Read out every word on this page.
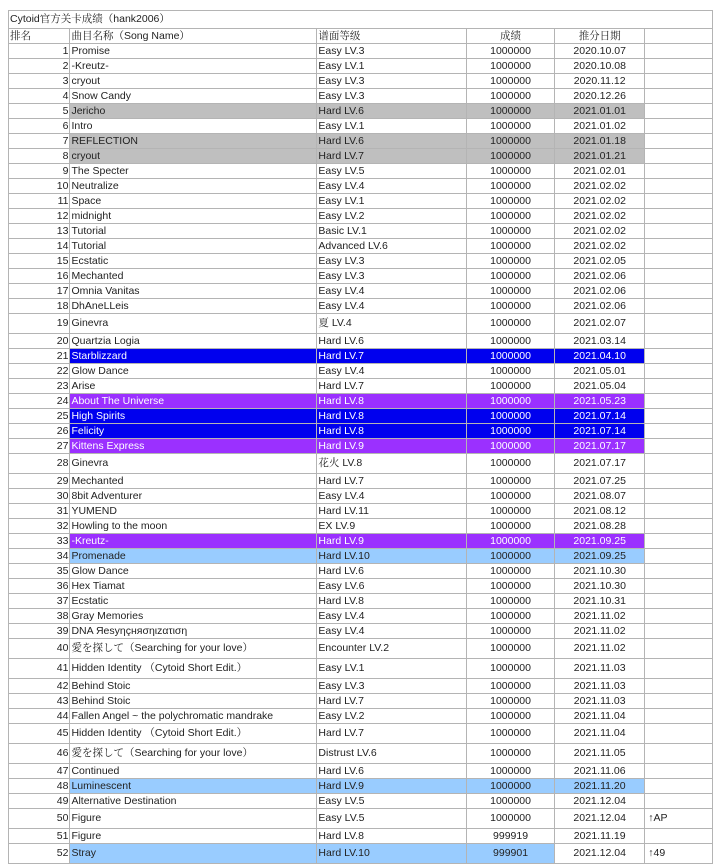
Cytoid官方关卡成绩（hank2006）					
排名	曲目名称（Song Name）	谱面等级	成绩	推分日期	
1	Promise	Easy LV.3	1000000	2020.10.07	
2	-Kreutz-	Easy LV.1	1000000	2020.10.08	
3	cryout	Easy LV.3	1000000	2020.11.12	
4	Snow Candy	Easy LV.3	1000000	2020.12.26	
5	Jericho	Hard LV.6	1000000	2021.01.01	
6	Intro	Easy LV.1	1000000	2021.01.02	
7	REFLECTION	Hard LV.6	1000000	2021.01.18	
8	cryout	Hard LV.7	1000000	2021.01.21	
9	The Specter	Easy LV.5	1000000	2021.02.01	
10	Neutralize	Easy LV.4	1000000	2021.02.02	
11	Space	Easy LV.1	1000000	2021.02.02	
12	midnight	Easy LV.2	1000000	2021.02.02	
13	Tutorial	Basic LV.1	1000000	2021.02.02	
14	Tutorial	Advanced LV.6	1000000	2021.02.02	
15	Ecstatic	Easy LV.3	1000000	2021.02.05	
16	Mechanted	Easy LV.3	1000000	2021.02.06	
17	Omnia Vanitas	Easy LV.4	1000000	2021.02.06	
18	DhAneLLeis	Easy LV.4	1000000	2021.02.06	
19	Ginevra	夏 LV.4	1000000	2021.02.07	
20	Quartzia Logia	Hard LV.6	1000000	2021.03.14	
21	Starblizzard	Hard LV.7	1000000	2021.04.10	
22	Glow Dance	Easy LV.4	1000000	2021.05.01	
23	Arise	Hard LV.7	1000000	2021.05.04	
24	About The Universe	Hard LV.8	1000000	2021.05.23	
25	High Spirits	Hard LV.8	1000000	2021.07.14	
26	Felicity	Hard LV.8	1000000	2021.07.14	
27	Kittens Express	Hard LV.9	1000000	2021.07.17	
28	Ginevra	花火 LV.8	1000000	2021.07.17	
29	Mechanted	Hard LV.7	1000000	2021.07.25	
30	8bit Adventurer	Easy LV.4	1000000	2021.08.07	
31	YUMEND	Hard LV.11	1000000	2021.08.12	
32	Howling to the moon	EX LV.9	1000000	2021.08.28	
33	-Kreutz-	Hard LV.9	1000000	2021.09.25	
34	Promenade	Hard LV.10	1000000	2021.09.25	
35	Glow Dance	Hard LV.6	1000000	2021.10.30	
36	Hex Tiamat	Easy LV.6	1000000	2021.10.30	
37	Ecstatic	Hard LV.8	1000000	2021.10.31	
38	Gray Memories	Easy LV.4	1000000	2021.11.02	
39	DNA Яesyηçняσηιzατιση	Easy LV.4	1000000	2021.11.02	
40	愛を探して（Searching for your love）	Encounter LV.2	1000000	2021.11.02	
41	Hidden Identity （Cytoid Short Edit.）	Easy LV.1	1000000	2021.11.03	
42	Behind Stoic	Easy LV.3	1000000	2021.11.03	
43	Behind Stoic	Hard LV.7	1000000	2021.11.03	
44	Fallen Angel ~ the polychromatic mandrake	Easy LV.2	1000000	2021.11.04	
45	Hidden Identity （Cytoid Short Edit.）	Hard LV.7	1000000	2021.11.04	
46	愛を探して（Searching for your love）	Distrust LV.6	1000000	2021.11.05	
47	Continued	Hard LV.6	1000000	2021.11.06	
48	Luminescent	Hard LV.9	1000000	2021.11.20	
49	Alternative Destination	Easy LV.5	1000000	2021.12.04	
50	Figure	Easy LV.5	1000000	2021.12.04	↑AP
51	Figure	Hard LV.8	999919	2021.11.19	
52	Stray	Hard LV.10	999901	2021.12.04	↑49
